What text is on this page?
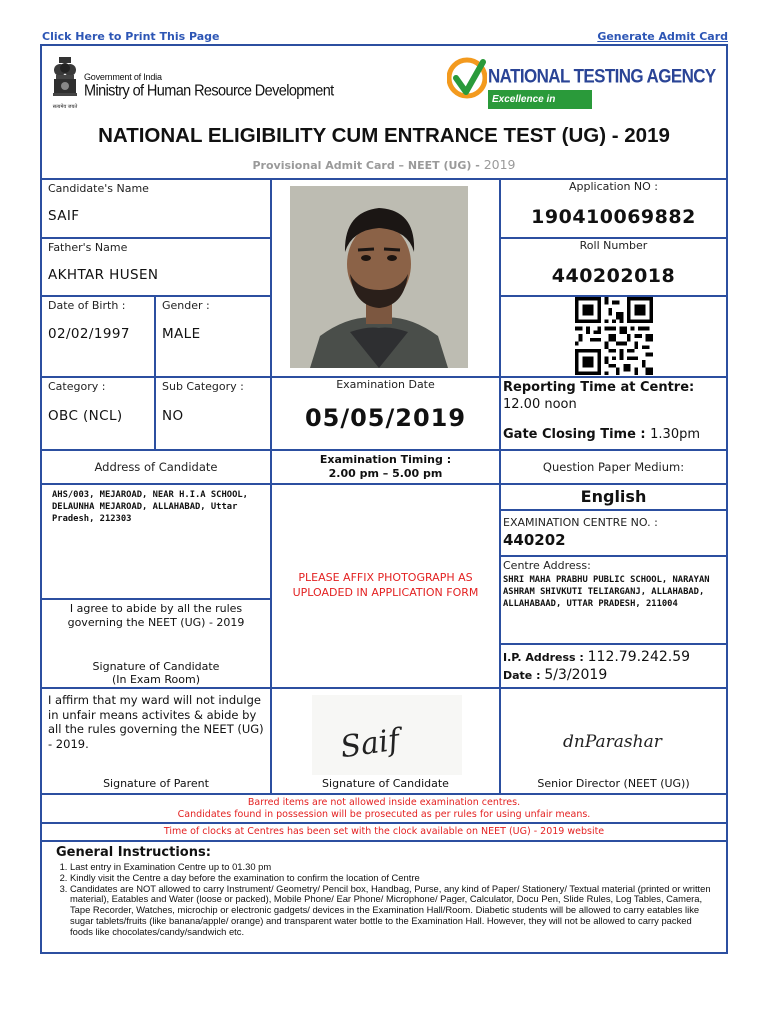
Click Here to Print This Page	Generate Admit Card
सत्यमेव जयते
Government of India
Ministry of Human Resource Development
NATIONAL TESTING AGENCY
Excellence in Assessment
NATIONAL ELIGIBILITY CUM ENTRANCE TEST (UG) - 2019
Provisional Admit Card – NEET (UG) - 2019
Candidate's Name
SAIF
Application NO :
190410069882
Father's Name
AKHTAR HUSEN
Roll Number
440202018
Date of Birth :
02/02/1997
Gender :
MALE
Category :
OBC (NCL)
Sub Category :
NO
Examination Date
05/05/2019
Reporting Time at Centre:
12.00 noon
Gate Closing Time : 1.30pm
Address of Candidate
Examination Timing :
2.00 pm – 5.00 pm	Question Paper Medium:
AHS/003, MEJAROAD, NEAR H.I.A SCHOOL, DELAUNHA MEJAROAD, ALLAHABAD, Uttar Pradesh, 212303
PLEASE AFFIX PHOTOGRAPH AS UPLOADED IN APPLICATION FORM
English
EXAMINATION CENTRE NO. :
440202
Centre Address:
SHRI MAHA PRABHU PUBLIC SCHOOL, NARAYAN ASHRAM SHIVKUTI TELIARGANJ, ALLAHABAD, ALLAHABAAD, UTTAR PRADESH, 211004
I agree to abide by all the rules governing the NEET (UG) - 2019
Signature of Candidate
(In Exam Room)
I.P. Address : 112.79.242.59
Date : 5/3/2019
I affirm that my ward will not indulge in unfair means activites & abide by all the rules governing the NEET (UG) - 2019.
Signature of Parent
Saif
Signature of Candidate
dnParashar
Senior Director (NEET (UG))
Barred items are not allowed inside examination centres.
Candidates found in possession will be prosecuted as per rules for using unfair means.
Time of clocks at Centres has been set with the clock available on NEET (UG) - 2019 website
General Instructions:
1. Last entry in Examination Centre up to 01.30 pm
2. Kindly visit the Centre a day before the examination to confirm the location of Centre
3. Candidates are NOT allowed to carry Instrument/ Geometry/ Pencil box, Handbag, Purse, any kind of Paper/ Stationery/ Textual material (printed or written material), Eatables and Water (loose or packed), Mobile Phone/ Ear Phone/ Microphone/ Pager, Calculator, Docu Pen, Slide Rules, Log Tables, Camera, Tape Recorder, Watches, microchip or electronic gadgets/ devices in the Examination Hall/Room. Diabetic students will be allowed to carry eatables like sugar tablets/fruits (like banana/apple/ orange) and transparent water bottle to the Examination Hall. However, they will not be allowed to carry packed foods like chocolates/candy/sandwich etc.
